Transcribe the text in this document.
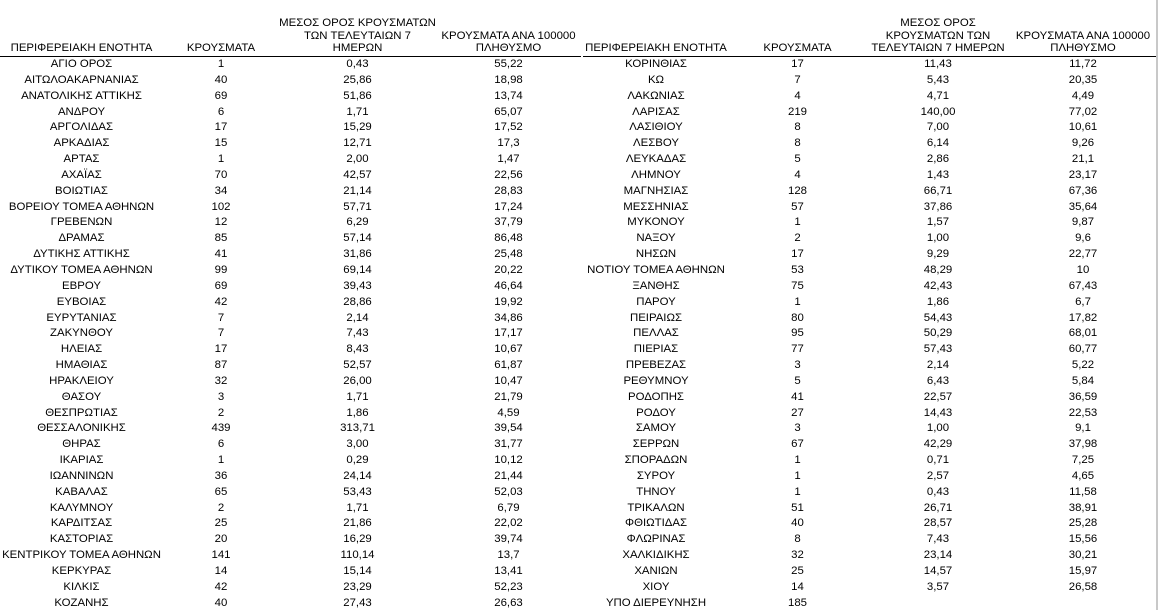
ΠΕΡΙΦΕΡΕΙΑΚΗ ΕΝΟΤΗΤΑ	ΚΡΟΥΣΜΑΤΑ	ΜΕΣΟΣ ΟΡΟΣ ΚΡΟΥΣΜΑΤΩΝ ΤΩΝ ΤΕΛΕΥΤΑΙΩΝ 7 ΗΜΕΡΩΝ	ΚΡΟΥΣΜΑΤΑ ΑΝΑ 100000 ΠΛΗΘΥΣΜΟ
ΑΓΙΟ ΟΡΟΣ	1	0,43	55,22
ΑΙΤΩΛΟΑΚΑΡΝΑΝΙΑΣ	40	25,86	18,98
ΑΝΑΤΟΛΙΚΗΣ ΑΤΤΙΚΗΣ	69	51,86	13,74
ΑΝΔΡΟΥ	6	1,71	65,07
ΑΡΓΟΛΙΔΑΣ	17	15,29	17,52
ΑΡΚΑΔΙΑΣ	15	12,71	17,3
ΑΡΤΑΣ	1	2,00	1,47
ΑΧΑΪΑΣ	70	42,57	22,56
ΒΟΙΩΤΙΑΣ	34	21,14	28,83
ΒΟΡΕΙΟΥ ΤΟΜΕΑ ΑΘΗΝΩΝ	102	57,71	17,24
ΓΡΕΒΕΝΩΝ	12	6,29	37,79
ΔΡΑΜΑΣ	85	57,14	86,48
ΔΥΤΙΚΗΣ ΑΤΤΙΚΗΣ	41	31,86	25,48
ΔΥΤΙΚΟΥ ΤΟΜΕΑ ΑΘΗΝΩΝ	99	69,14	20,22
ΕΒΡΟΥ	69	39,43	46,64
ΕΥΒΟΙΑΣ	42	28,86	19,92
ΕΥΡΥΤΑΝΙΑΣ	7	2,14	34,86
ΖΑΚΥΝΘΟΥ	7	7,43	17,17
ΗΛΕΙΑΣ	17	8,43	10,67
ΗΜΑΘΙΑΣ	87	52,57	61,87
ΗΡΑΚΛΕΙΟΥ	32	26,00	10,47
ΘΑΣΟΥ	3	1,71	21,79
ΘΕΣΠΡΩΤΙΑΣ	2	1,86	4,59
ΘΕΣΣΑΛΟΝΙΚΗΣ	439	313,71	39,54
ΘΗΡΑΣ	6	3,00	31,77
ΙΚΑΡΙΑΣ	1	0,29	10,12
ΙΩΑΝΝΙΝΩΝ	36	24,14	21,44
ΚΑΒΑΛΑΣ	65	53,43	52,03
ΚΑΛΥΜΝΟΥ	2	1,71	6,79
ΚΑΡΔΙΤΣΑΣ	25	21,86	22,02
ΚΑΣΤΟΡΙΑΣ	20	16,29	39,74
ΚΕΝΤΡΙΚΟΥ ΤΟΜΕΑ ΑΘΗΝΩΝ	141	110,14	13,7
ΚΕΡΚΥΡΑΣ	14	15,14	13,41
ΚΙΛΚΙΣ	42	23,29	52,23
ΚΟΖΑΝΗΣ	40	27,43	26,63
ΠΕΡΙΦΕΡΕΙΑΚΗ ΕΝΟΤΗΤΑ	ΚΡΟΥΣΜΑΤΑ	ΜΕΣΟΣ ΟΡΟΣ ΚΡΟΥΣΜΑΤΩΝ ΤΩΝ ΤΕΛΕΥΤΑΙΩΝ 7 ΗΜΕΡΩΝ	ΚΡΟΥΣΜΑΤΑ ΑΝΑ 100000 ΠΛΗΘΥΣΜΟ
ΚΟΡΙΝΘΙΑΣ	17	11,43	11,72
ΚΩ	7	5,43	20,35
ΛΑΚΩΝΙΑΣ	4	4,71	4,49
ΛΑΡΙΣΑΣ	219	140,00	77,02
ΛΑΣΙΘΙΟΥ	8	7,00	10,61
ΛΕΣΒΟΥ	8	6,14	9,26
ΛΕΥΚΑΔΑΣ	5	2,86	21,1
ΛΗΜΝΟΥ	4	1,43	23,17
ΜΑΓΝΗΣΙΑΣ	128	66,71	67,36
ΜΕΣΣΗΝΙΑΣ	57	37,86	35,64
ΜΥΚΟΝΟΥ	1	1,57	9,87
ΝΑΞΟΥ	2	1,00	9,6
ΝΗΣΩΝ	17	9,29	22,77
ΝΟΤΙΟΥ ΤΟΜΕΑ ΑΘΗΝΩΝ	53	48,29	10
ΞΑΝΘΗΣ	75	42,43	67,43
ΠΑΡΟΥ	1	1,86	6,7
ΠΕΙΡΑΙΩΣ	80	54,43	17,82
ΠΕΛΛΑΣ	95	50,29	68,01
ΠΙΕΡΙΑΣ	77	57,43	60,77
ΠΡΕΒΕΖΑΣ	3	2,14	5,22
ΡΕΘΥΜΝΟΥ	5	6,43	5,84
ΡΟΔΟΠΗΣ	41	22,57	36,59
ΡΟΔΟΥ	27	14,43	22,53
ΣΑΜΟΥ	3	1,00	9,1
ΣΕΡΡΩΝ	67	42,29	37,98
ΣΠΟΡΑΔΩΝ	1	0,71	7,25
ΣΥΡΟΥ	1	2,57	4,65
ΤΗΝΟΥ	1	0,43	11,58
ΤΡΙΚΑΛΩΝ	51	26,71	38,91
ΦΘΙΩΤΙΔΑΣ	40	28,57	25,28
ΦΛΩΡΙΝΑΣ	8	7,43	15,56
ΧΑΛΚΙΔΙΚΗΣ	32	23,14	30,21
ΧΑΝΙΩΝ	25	14,57	15,97
ΧΙΟΥ	14	3,57	26,58
ΥΠΟ ΔΙΕΡΕΥΝΗΣΗ	185		
